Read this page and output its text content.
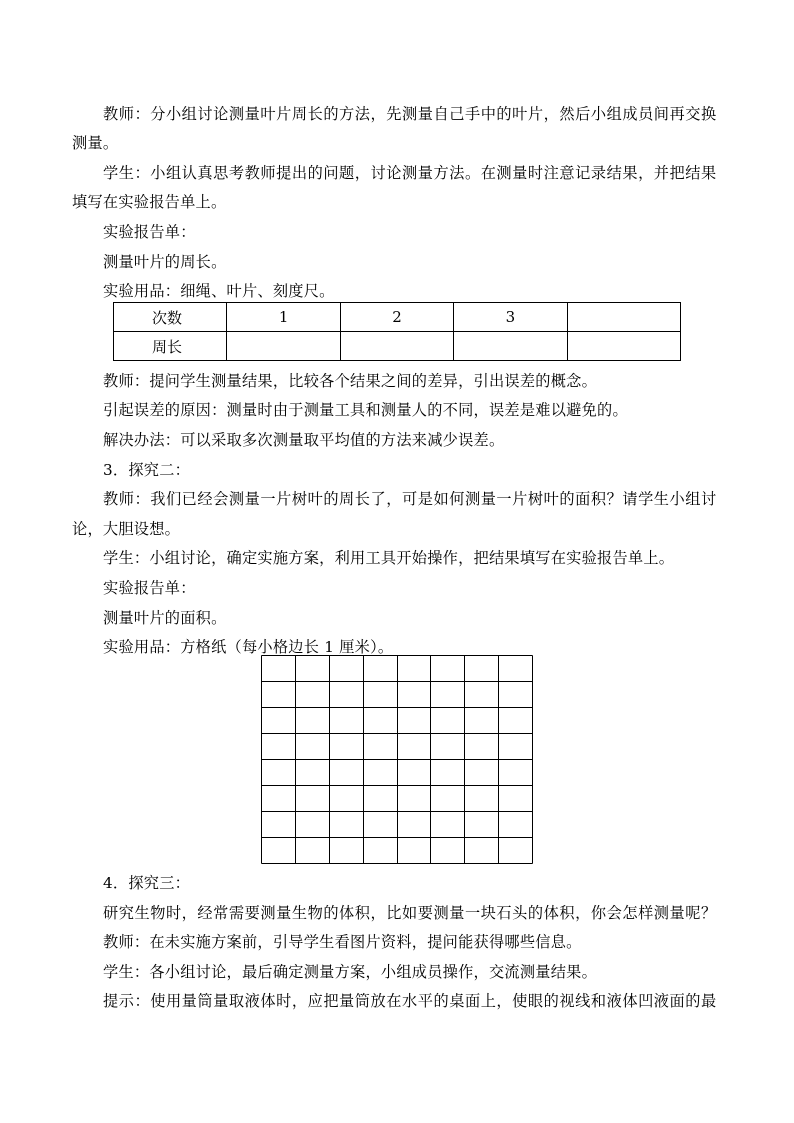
教师：分小组讨论测量叶片周长的方法，先测量自己手中的叶片，然后小组成员间再交换
测量。
学生：小组认真思考教师提出的问题，讨论测量方法。在测量时注意记录结果，并把结果
填写在实验报告单上。
实验报告单：
测量叶片的周长。
实验用品：细绳、叶片、刻度尺。
次数	1	2	3	
周长				
教师：提问学生测量结果，比较各个结果之间的差异，引出误差的概念。
引起误差的原因：测量时由于测量工具和测量人的不同，误差是难以避免的。
解决办法：可以采取多次测量取平均值的方法来减少误差。
3．探究二：
教师：我们已经会测量一片树叶的周长了，可是如何测量一片树叶的面积？请学生小组讨
论，大胆设想。
学生：小组讨论，确定实施方案，利用工具开始操作，把结果填写在实验报告单上。
实验报告单：
测量叶片的面积。
实验用品：方格纸（每小格边长 1 厘米）。
4．探究三：
研究生物时，经常需要测量生物的体积，比如要测量一块石头的体积，你会怎样测量呢？
教师：在未实施方案前，引导学生看图片资料，提问能获得哪些信息。
学生：各小组讨论，最后确定测量方案，小组成员操作，交流测量结果。
提示：使用量筒量取液体时，应把量筒放在水平的桌面上，使眼的视线和液体凹液面的最
